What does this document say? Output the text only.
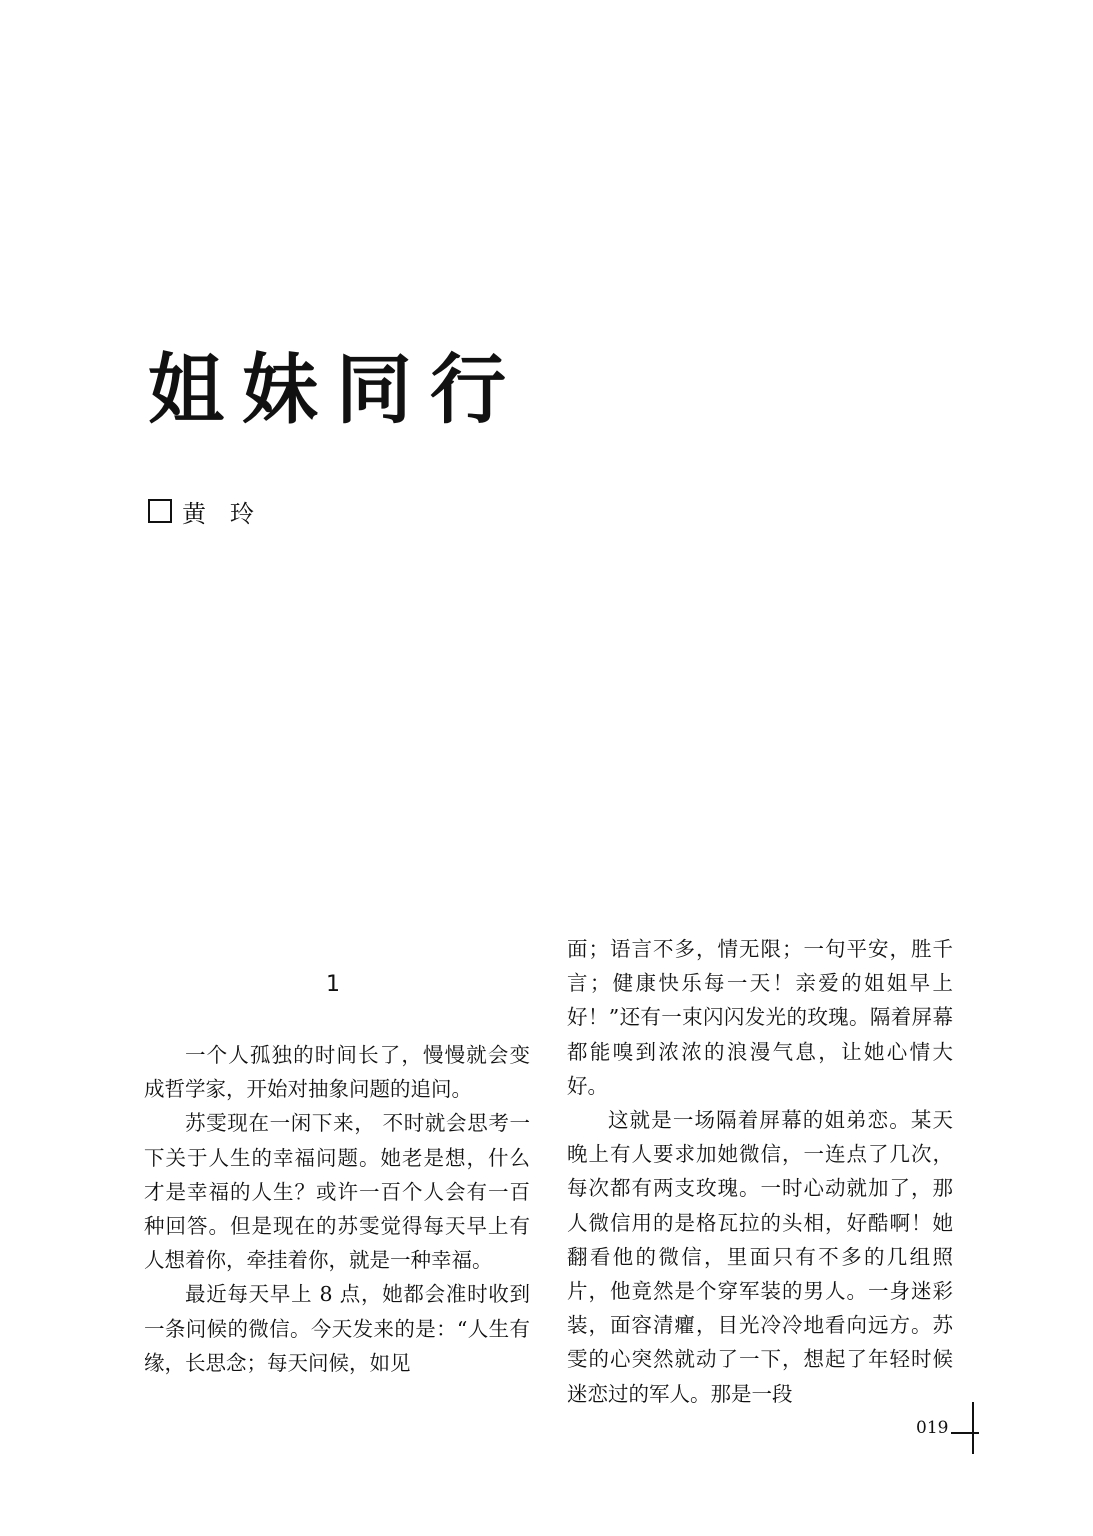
姐妹同行
黄玲
1

一个人孤独的时间长了，慢慢就会变成哲学家，开始对抽象问题的追问。

苏雯现在一闲下来， 不时就会思考一下关于人生的幸福问题。她老是想，什么才是幸福的人生？或许一百个人会有一百种回答。但是现在的苏雯觉得每天早上有人想着你，牵挂着你，就是一种幸福。

最近每天早上 8 点，她都会准时收到一条问候的微信。今天发来的是：“人生有缘，长思念；每天问候，如见

面；语言不多，情无限；一句平安，胜千言；健康快乐每一天！亲爱的姐姐早上好！”还有一束闪闪发光的玫瑰。隔着屏幕都能嗅到浓浓的浪漫气息，让她心情大好。

这就是一场隔着屏幕的姐弟恋。某天晚上有人要求加她微信，一连点了几次，每次都有两支玫瑰。一时心动就加了，那人微信用的是格瓦拉的头相，好酷啊！她翻看他的微信，里面只有不多的几组照片，他竟然是个穿军装的男人。一身迷彩装，面容清癯，目光冷冷地看向远方。苏雯的心突然就动了一下，想起了年轻时候迷恋过的军人。那是一段

019
